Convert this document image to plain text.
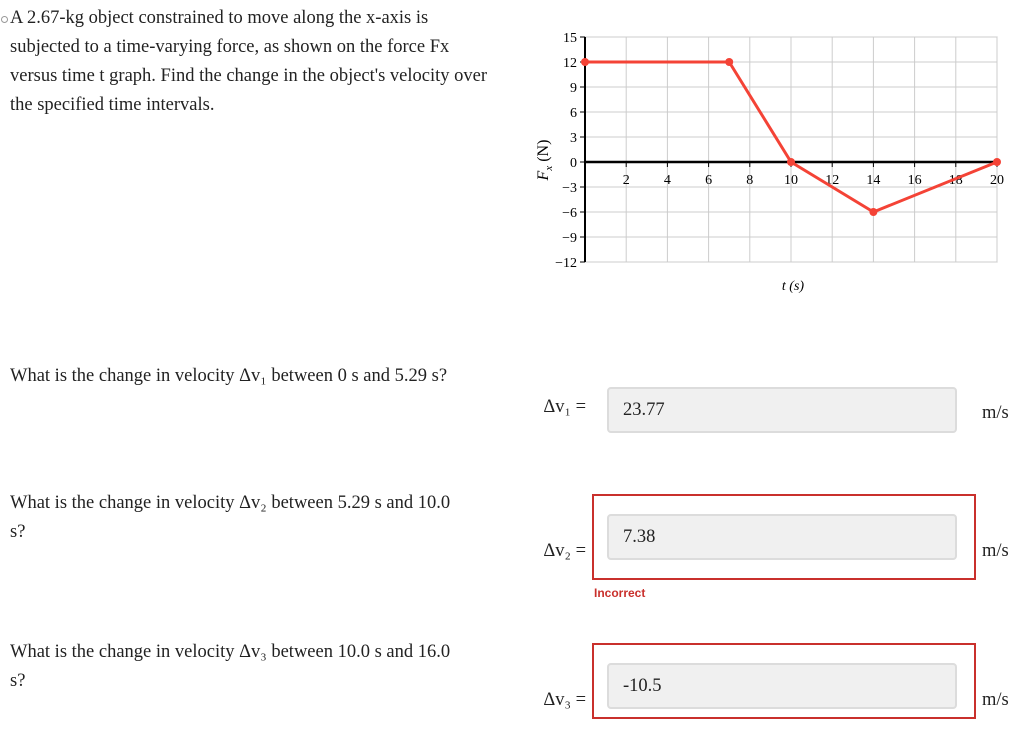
A 2.67-kg object constrained to move along the x-axis is subjected to a time-varying force, as shown on the force Fx versus time t graph. Find the change in the object's velocity over the specified time intervals.
15
12
9
6
3
0
−3
−6
−9
−12
2 4 6 8 10 12 14 16 18 20
$F_x$ (N)
t (s)
What is the change in velocity Δv₁ between 0 s and 5.29 s?
Δv₁ =	23.77	m/s
What is the change in velocity Δv₂ between 5.29 s and 10.0 s?
Δv₂ =
7.38
m/s
Incorrect
What is the change in velocity Δv₃ between 10.0 s and 16.0 s?
Δv₃ =
-10.5
m/s
